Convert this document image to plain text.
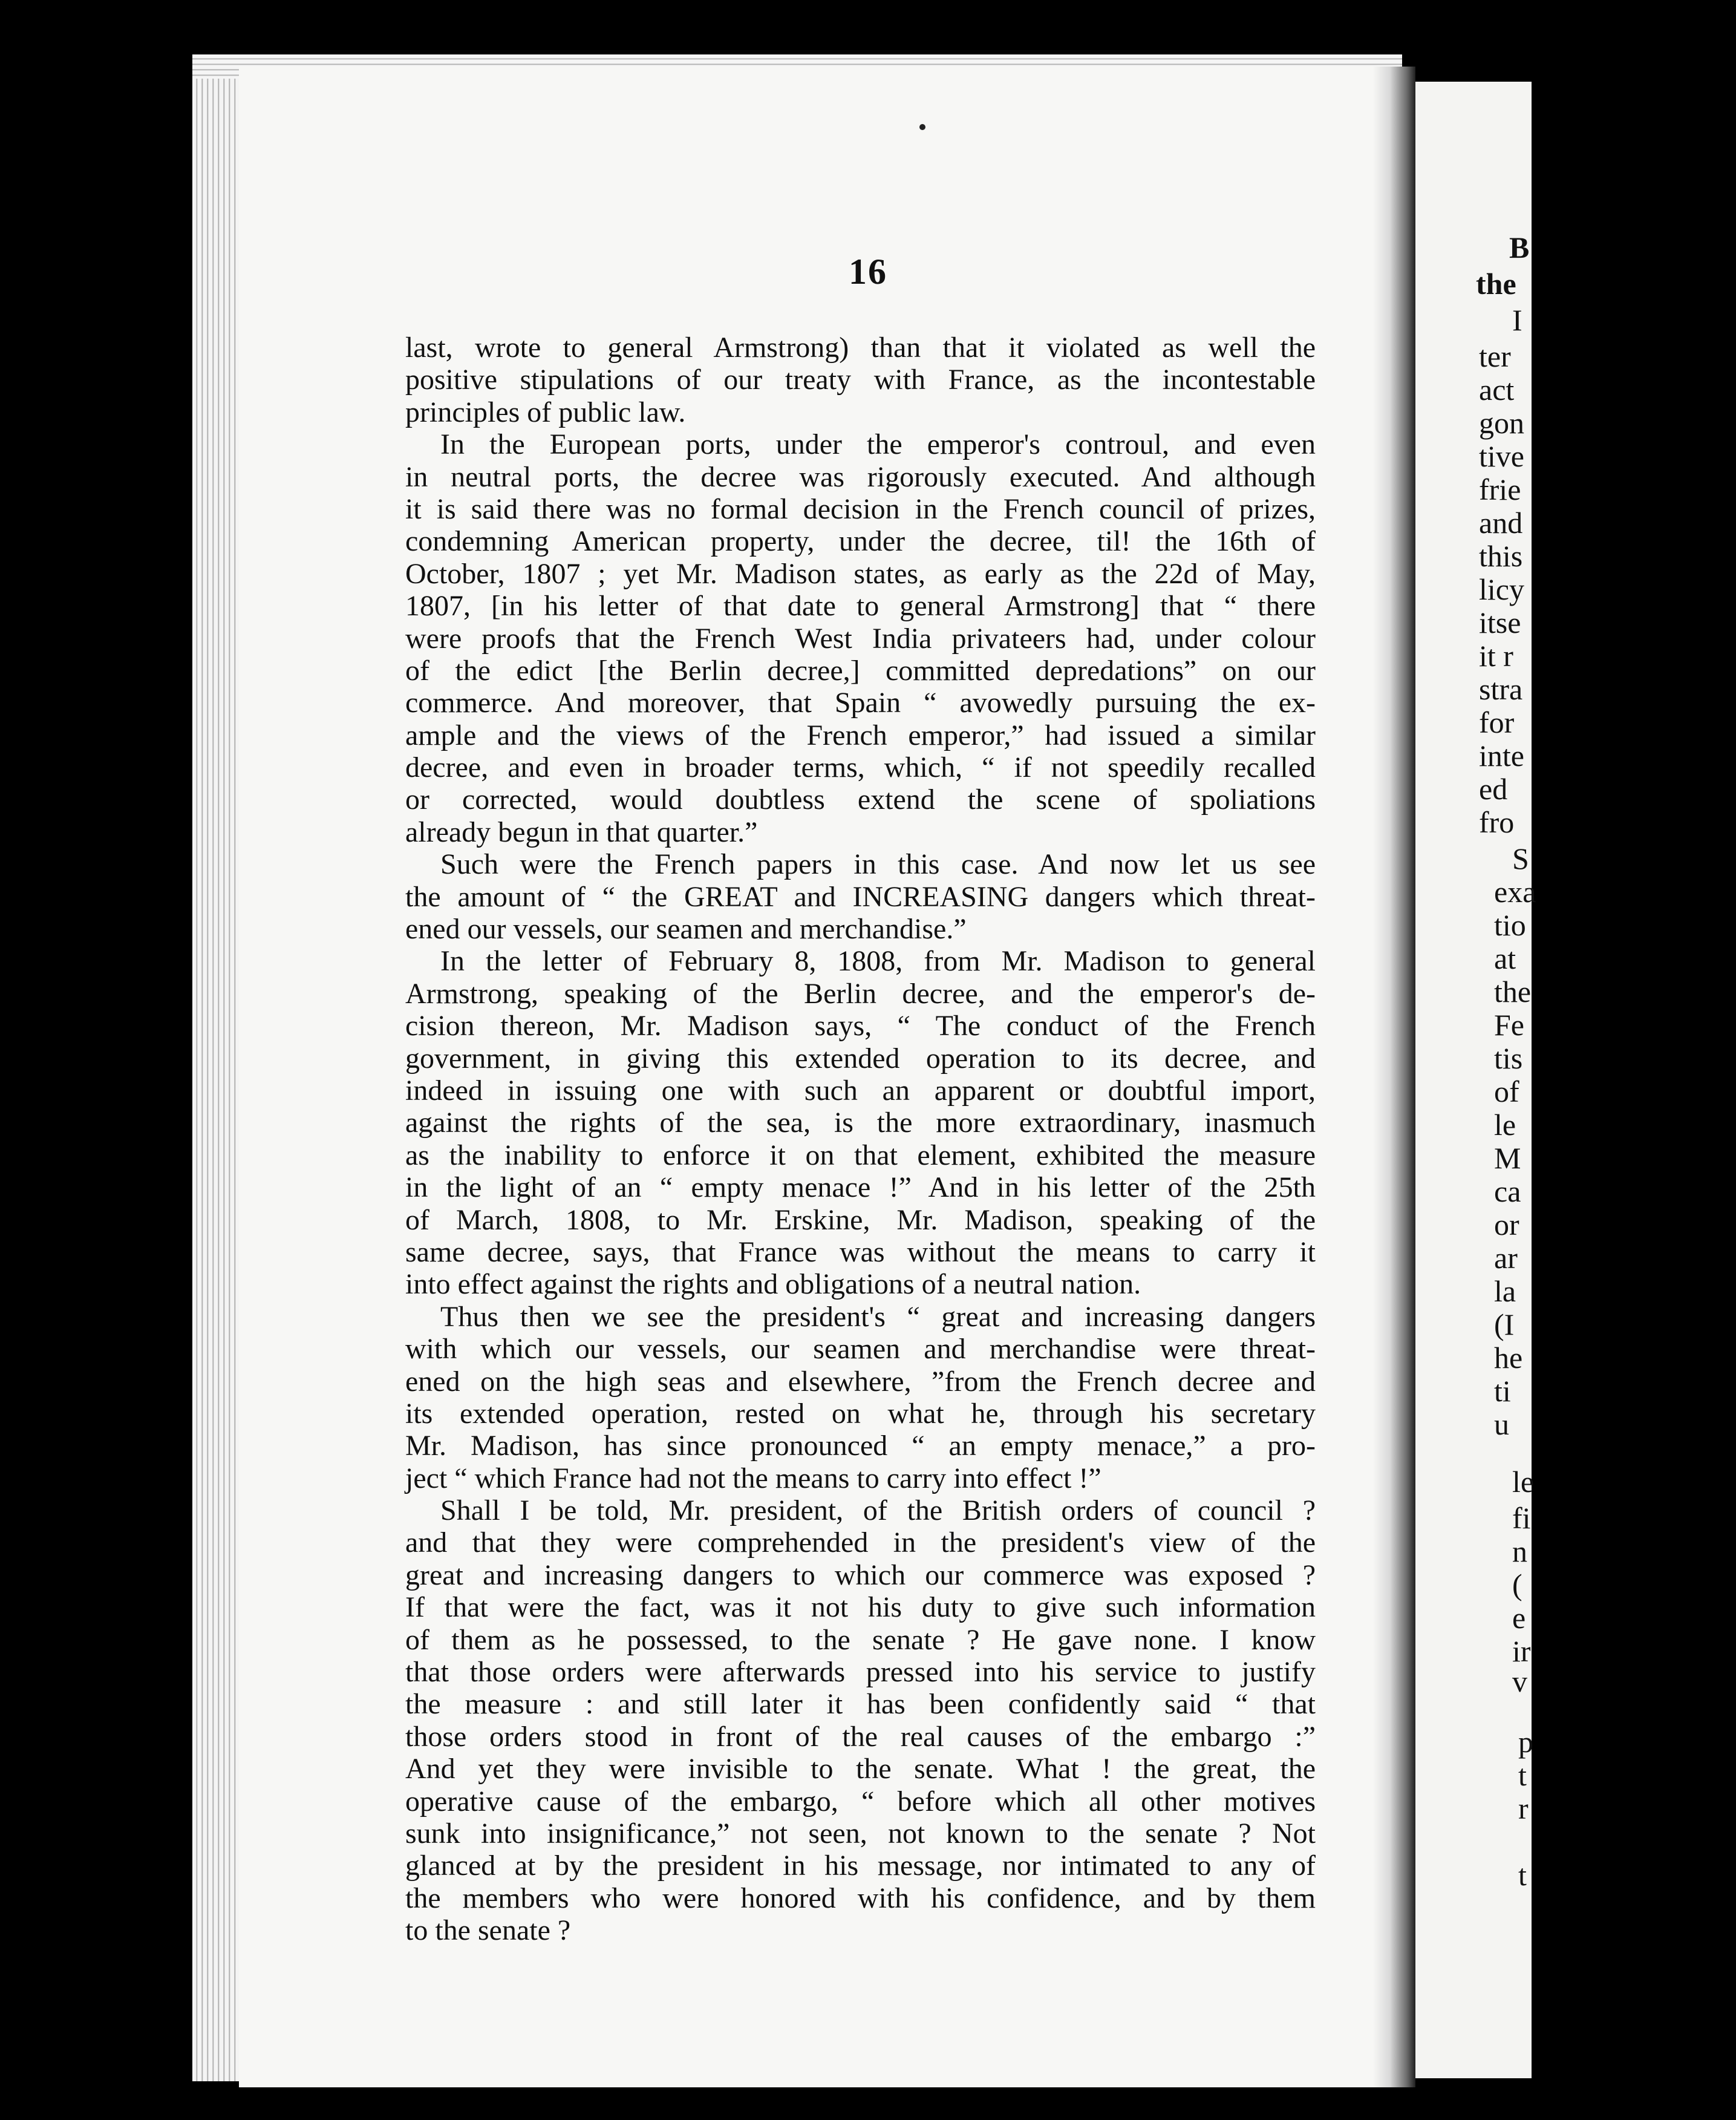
B
the
I
ter
act
gon
tive
frie
and
this
licy
itse
it r
stra
for
inte
ed
fro
S
exa
tio
at
the
Fe
tis
of
le
M
ca
or
ar
la
(I
he
ti
u
le
fi
n
(
e
ir
v
p
t
r
t
16
last, wrote to general Armstrong) than that it violated as well the
positive stipulations of our treaty with France, as the incontestable
principles of public law.
In the European ports, under the emperor's controul, and even
in neutral ports, the decree was rigorously executed. And although
it is said there was no formal decision in the French council of prizes,
condemning American property, under the decree, til! the 16th of
October, 1807 ; yet Mr. Madison states, as early as the 22d of May,
1807, [in his letter of that date to general Armstrong] that “ there
were proofs that the French West India privateers had, under colour
of the edict [the Berlin decree,] committed depredations” on our
commerce. And moreover, that Spain “ avowedly pursuing the ex-
ample and the views of the French emperor,” had issued a similar
decree, and even in broader terms, which, “ if not speedily recalled
or corrected, would doubtless extend the scene of spoliations
already begun in that quarter.”
Such were the French papers in this case. And now let us see
the amount of “ the GREAT and INCREASING dangers which threat-
ened our vessels, our seamen and merchandise.”
In the letter of February 8, 1808, from Mr. Madison to general
Armstrong, speaking of the Berlin decree, and the emperor's de-
cision thereon, Mr. Madison says, “ The conduct of the French
government, in giving this extended operation to its decree, and
indeed in issuing one with such an apparent or doubtful import,
against the rights of the sea, is the more extraordinary, inasmuch
as the inability to enforce it on that element, exhibited the measure
in the light of an “ empty menace !” And in his letter of the 25th
of March, 1808, to Mr. Erskine, Mr. Madison, speaking of the
same decree, says, that France was without the means to carry it
into effect against the rights and obligations of a neutral nation.
Thus then we see the president's “ great and increasing dangers
with which our vessels, our seamen and merchandise were threat-
ened on the high seas and elsewhere, ”from the French decree and
its extended operation, rested on what he, through his secretary
Mr. Madison, has since pronounced “ an empty menace,” a pro-
ject “ which France had not the means to carry into effect !”
Shall I be told, Mr. president, of the British orders of council ?
and that they were comprehended in the president's view of the
great and increasing dangers to which our commerce was exposed ?
If that were the fact, was it not his duty to give such information
of them as he possessed, to the senate ? He gave none. I know
that those orders were afterwards pressed into his service to justify
the measure : and still later it has been confidently said “ that
those orders stood in front of the real causes of the embargo :”
And yet they were invisible to the senate. What ! the great, the
operative cause of the embargo, “ before which all other motives
sunk into insignificance,” not seen, not known to the senate ? Not
glanced at by the president in his message, nor intimated to any of
the members who were honored with his confidence, and by them
to the senate ?
